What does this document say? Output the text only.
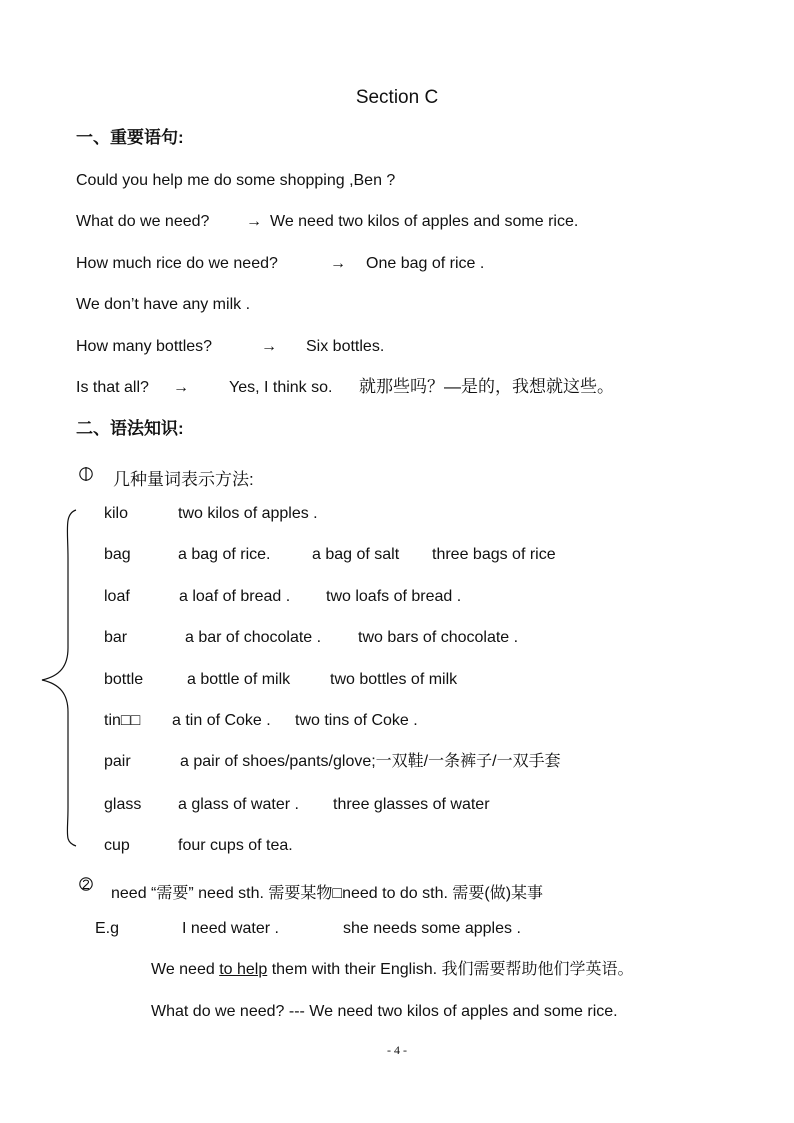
Section C
一、重要语句:
Could you help me do some shopping ,Ben ?
What do we need? → We need two kilos of apples and some rice.
How much rice do we need?	→ One bag of rice .
We don’t have any milk .
How many bottles?	→ Six bottles.
Is that all? →	Yes, I think so. 就那些吗？—是的，我想就这些。
二、语法知识:
几种量词表示方法:
kilo	two kilos of apples .
bag	a bag of rice.	a bag of salt three bags of rice
loaf	a loaf of bread . two loafs of bread .
bar	a bar of chocolate . two bars of chocolate .
bottle	a bottle of milk two bottles of milk
tin□□ a tin of Coke . two tins of Coke .
pair	a pair of shoes/pants/glove;一双鞋/一条裤子/一双手套
glass a glass of water . three glasses of water
cup	four cups of tea.
need “需要” need sth. 需要某物□need to do sth. 需要(做)某事
E.g	I need water .	she needs some apples .
We need to help them with their English. 我们需要帮助他们学英语。
What do we need? --- We need two kilos of apples and some rice.
- 4 -
